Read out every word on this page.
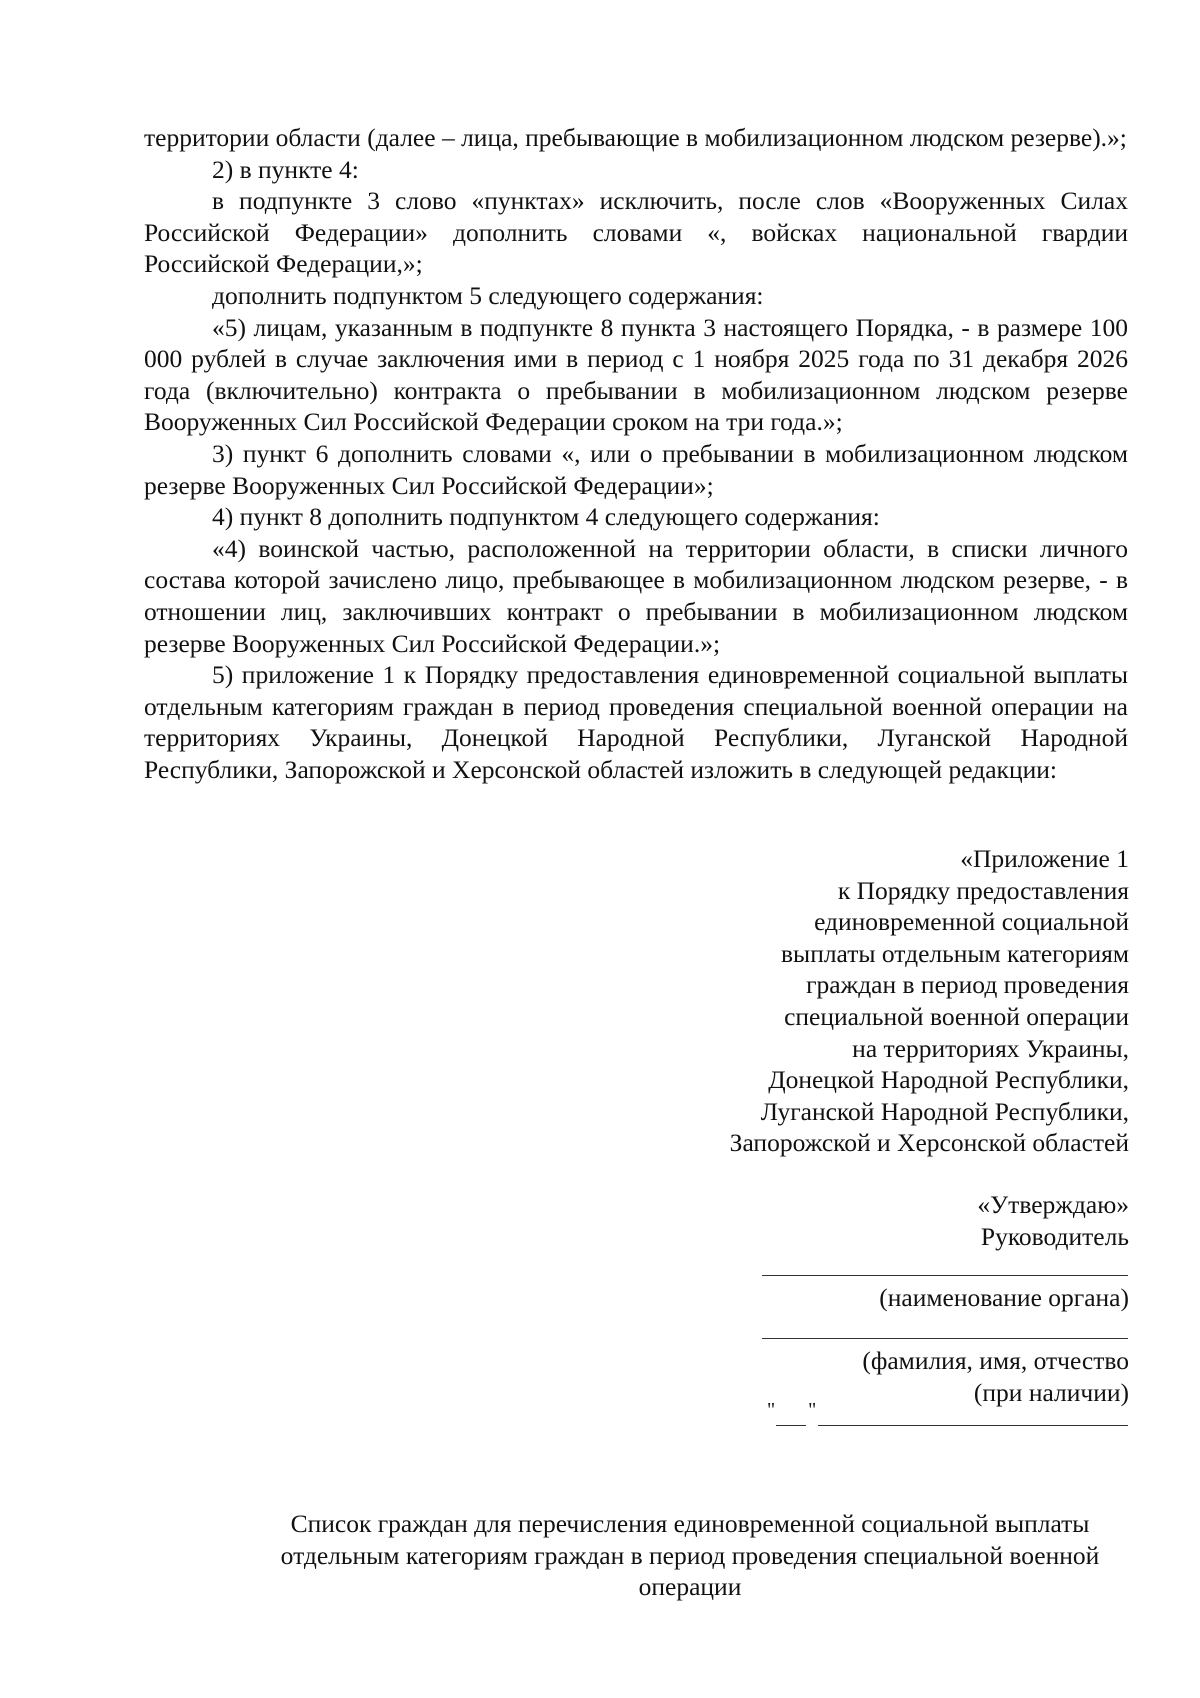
территории области (далее – лица, пребывающие в мобилизационном людском резерве).»;

2) в пункте 4:

в подпункте 3 слово «пунктах» исключить, после слов «Вооруженных Силах Российской Федерации» дополнить словами «, войсках национальной гвардии Российской Федерации,»;

дополнить подпунктом 5 следующего содержания:

«5) лицам, указанным в подпункте 8 пункта 3 настоящего Порядка, - в размере 100 000 рублей в случае заключения ими в период с 1 ноября 2025 года по 31 декабря 2026 года (включительно) контракта о пребывании в мобилизационном людском резерве Вооруженных Сил Российской Федерации сроком на три года.»;

3) пункт 6 дополнить словами «, или о пребывании в мобилизационном людском резерве Вооруженных Сил Российской Федерации»;

4) пункт 8 дополнить подпунктом 4 следующего содержания:

«4) воинской частью, расположенной на территории области, в списки личного состава которой зачислено лицо, пребывающее в мобилизационном людском резерве, - в отношении лиц, заключивших контракт о пребывании в мобилизационном людском резерве Вооруженных Сил Российской Федерации.»;

5) приложение 1 к Порядку предоставления единовременной социальной выплаты отдельным категориям граждан в период проведения специальной военной операции на территориях Украины, Донецкой Народной Республики, Луганской Народной Республики, Запорожской и Херсонской областей изложить в следующей редакции:

«Приложение 1
к Порядку предоставления
единовременной социальной
выплаты отдельным категориям
граждан в период проведения
специальной военной операции
на территориях Украины,
Донецкой Народной Республики,
Луганской Народной Республики,
Запорожской и Херсонской областей
«Утверждаю»
Руководитель
(наименование органа)
(фамилия, имя, отчество
(при наличии)
" "
Список граждан для перечисления единовременной социальной выплаты
отдельным категориям граждан в период проведения специальной военной
операции
